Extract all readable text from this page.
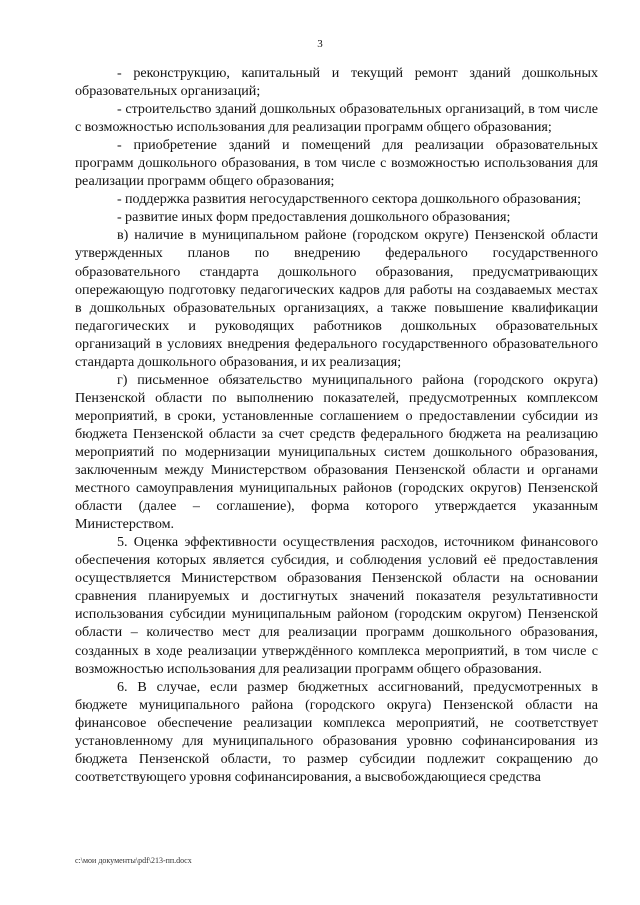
3

- реконструкцию, капитальный и текущий ремонт зданий дошкольных образовательных организаций;

- строительство зданий дошкольных образовательных организаций, в том числе с возможностью использования для реализации программ общего образования;

- приобретение зданий и помещений для реализации образовательных программ дошкольного образования, в том числе с возможностью использования для реализации программ общего образования;

- поддержка развития негосударственного сектора дошкольного образования;

- развитие иных форм предоставления дошкольного образования;

в) наличие в муниципальном районе (городском округе) Пензенской области утвержденных планов по внедрению федерального государственного образовательного стандарта дошкольного образования, предусматривающих опережающую подготовку педагогических кадров для работы на создаваемых местах в дошкольных образовательных организациях, а также повышение квалификации педагогических и руководящих работников дошкольных образовательных организаций в условиях внедрения федерального государственного образовательного стандарта дошкольного образования, и их реализация;

г) письменное обязательство муниципального района (городского округа) Пензенской области по выполнению показателей, предусмотренных комплексом мероприятий, в сроки, установленные соглашением о предоставлении субсидии из бюджета Пензенской области за счет средств федерального бюджета на реализацию мероприятий по модернизации муниципальных систем дошкольного образования, заключенным между Министерством образования Пензенской области и органами местного самоуправления муниципальных районов (городских округов) Пензенской области (далее – соглашение), форма которого утверждается указанным Министерством.

5. Оценка эффективности осуществления расходов, источником финансового обеспечения которых является субсидия, и соблюдения условий её предоставления осуществляется Министерством образования Пензенской области на основании сравнения планируемых и достигнутых значений показателя результативности использования субсидии муниципальным районом (городским округом) Пензенской области – количество мест для реализации программ дошкольного образования, созданных в ходе реализации утверждённого комплекса мероприятий, в том числе с возможностью использования для реализации программ общего образования.

6. В случае, если размер бюджетных ассигнований, предусмотренных в бюджете муниципального района (городского округа) Пензенской области на финансовое обеспечение реализации комплекса мероприятий, не соответствует установленному для муниципального образования уровню софинансирования из бюджета Пензенской области, то размер субсидии подлежит сокращению до соответствующего уровня софинансирования, а высвобождающиеся средства

c:\мои документы\pdf\213-пп.docx
